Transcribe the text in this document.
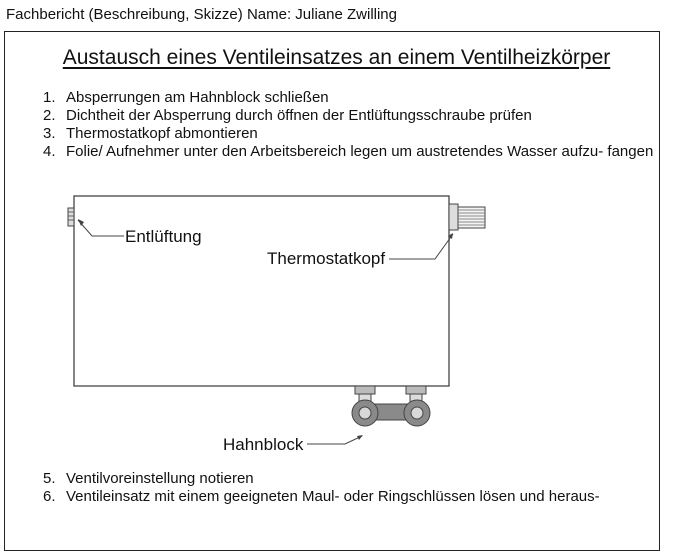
Fachbericht (Beschreibung, Skizze) Name: Juliane Zwilling
Austausch eines Ventileinsatzes an einem Ventilheizkörper
1. Absperrungen am Hahnblock schließen
2. Dichtheit der Absperrung durch öffnen der Entlüftungsschraube prüfen
3. Thermostatkopf abmontieren
4. Folie/ Aufnehmer unter den Arbeitsbereich legen um austretendes Wasser aufzu- fangen
Entlüftung
Thermostatkopf
Hahnblock
5. Ventilvoreinstellung notieren
6. Ventileinsatz mit einem geeigneten Maul- oder Ringschlüssen lösen und heraus-
